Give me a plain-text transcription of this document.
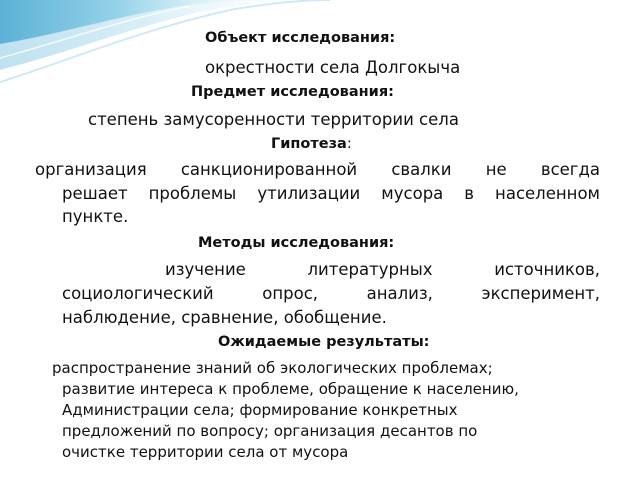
Объект исследования:

окрестности села Долгокыча

Предмет исследования:

степень замусоренности территории села

Гипотеза:

организация санкционированной свалки не всегда

решает проблемы утилизации мусора в населенном

пункте.

Методы исследования:

изучение литературных источников,

социологический опрос, анализ, эксперимент,

наблюдение, сравнение, обобщение.

Ожидаемые результаты:

распространение знаний об экологических проблемах;

развитие интереса к проблеме, обращение к населению,

Администрации села; формирование конкретных

предложений по вопросу; организация десантов по

очистке территории села от мусора
